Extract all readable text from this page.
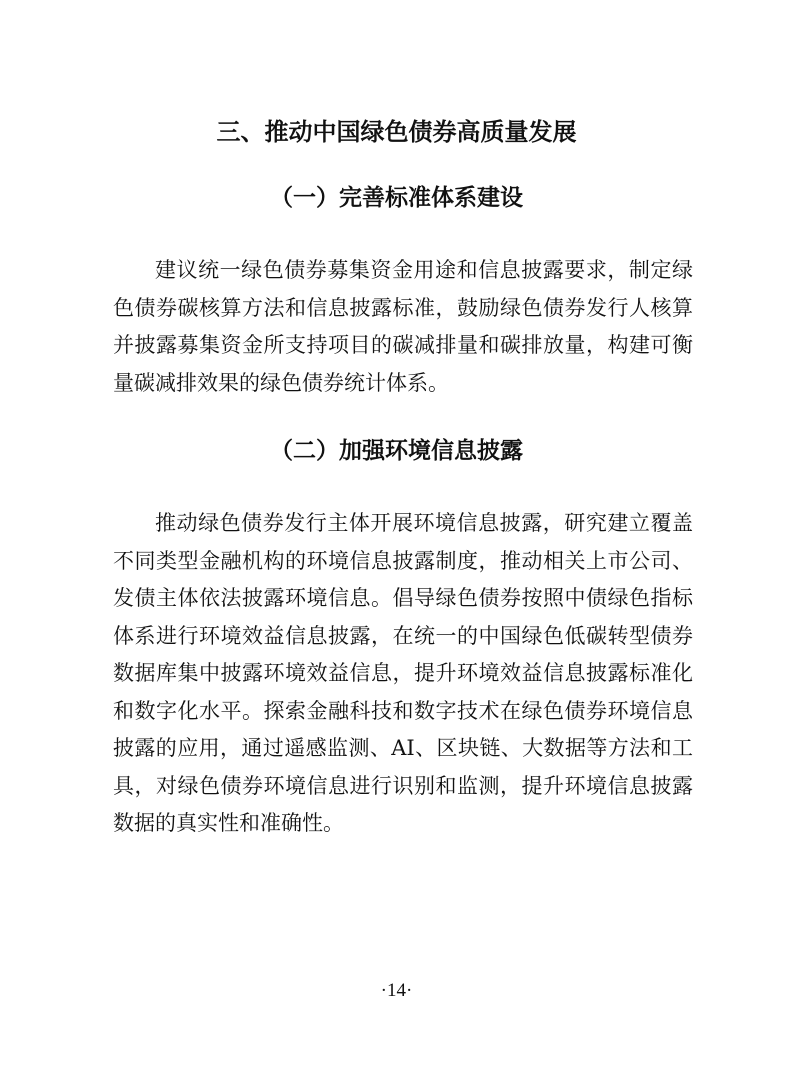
三、推动中国绿色债券高质量发展
（一）完善标准体系建设
建议统一绿色债券募集资金用途和信息披露要求，制定绿
色债券碳核算方法和信息披露标准，鼓励绿色债券发行人核算
并披露募集资金所支持项目的碳减排量和碳排放量，构建可衡
量碳减排效果的绿色债券统计体系。
（二）加强环境信息披露
推动绿色债券发行主体开展环境信息披露，研究建立覆盖
不同类型金融机构的环境信息披露制度，推动相关上市公司、
发债主体依法披露环境信息。倡导绿色债券按照中债绿色指标
体系进行环境效益信息披露，在统一的中国绿色低碳转型债券
数据库集中披露环境效益信息，提升环境效益信息披露标准化
和数字化水平。探索金融科技和数字技术在绿色债券环境信息
披露的应用，通过遥感监测、AI、区块链、大数据等方法和工
具，对绿色债券环境信息进行识别和监测，提升环境信息披露
数据的真实性和准确性。
·14·
